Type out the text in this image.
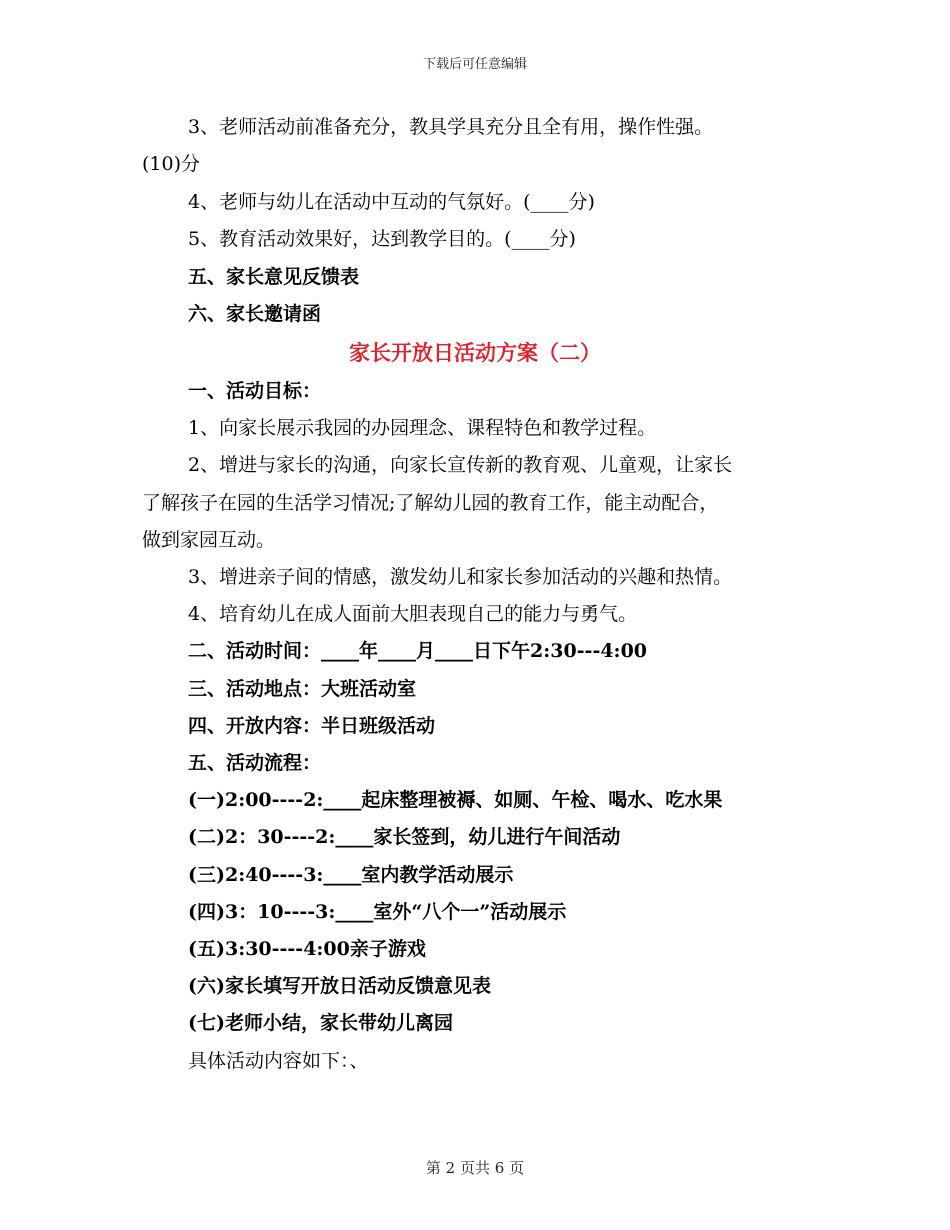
下载后可任意编辑
3、老师活动前准备充分，教具学具充分且全有用，操作性强。
(10)分
4、老师与幼儿在活动中互动的气氛好。(____分)
5、教育活动效果好，达到教学目的。(____分)
五、家长意见反馈表
六、家长邀请函
家长开放日活动方案（二）
一、活动目标：
1、向家长展示我园的办园理念、课程特色和教学过程。
2、增进与家长的沟通，向家长宣传新的教育观、儿童观，让家长
了解孩子在园的生活学习情况;了解幼儿园的教育工作，能主动配合，
做到家园互动。
3、增进亲子间的情感，激发幼儿和家长参加活动的兴趣和热情。
4、培育幼儿在成人面前大胆表现自己的能力与勇气。
二、活动时间：____年____月____日下午2:30---4:00
三、活动地点：大班活动室
四、开放内容：半日班级活动
五、活动流程：
(一)2:00----2:____起床整理被褥、如厕、午检、喝水、吃水果
(二)2：30----2:____家长签到，幼儿进行午间活动
(三)2:40----3:____室内教学活动展示
(四)3：10----3:____室外“八个一”活动展示
(五)3:30----4:00亲子游戏
(六)家长填写开放日活动反馈意见表
(七)老师小结，家长带幼儿离园
具体活动内容如下：、
第 2 页共 6 页
